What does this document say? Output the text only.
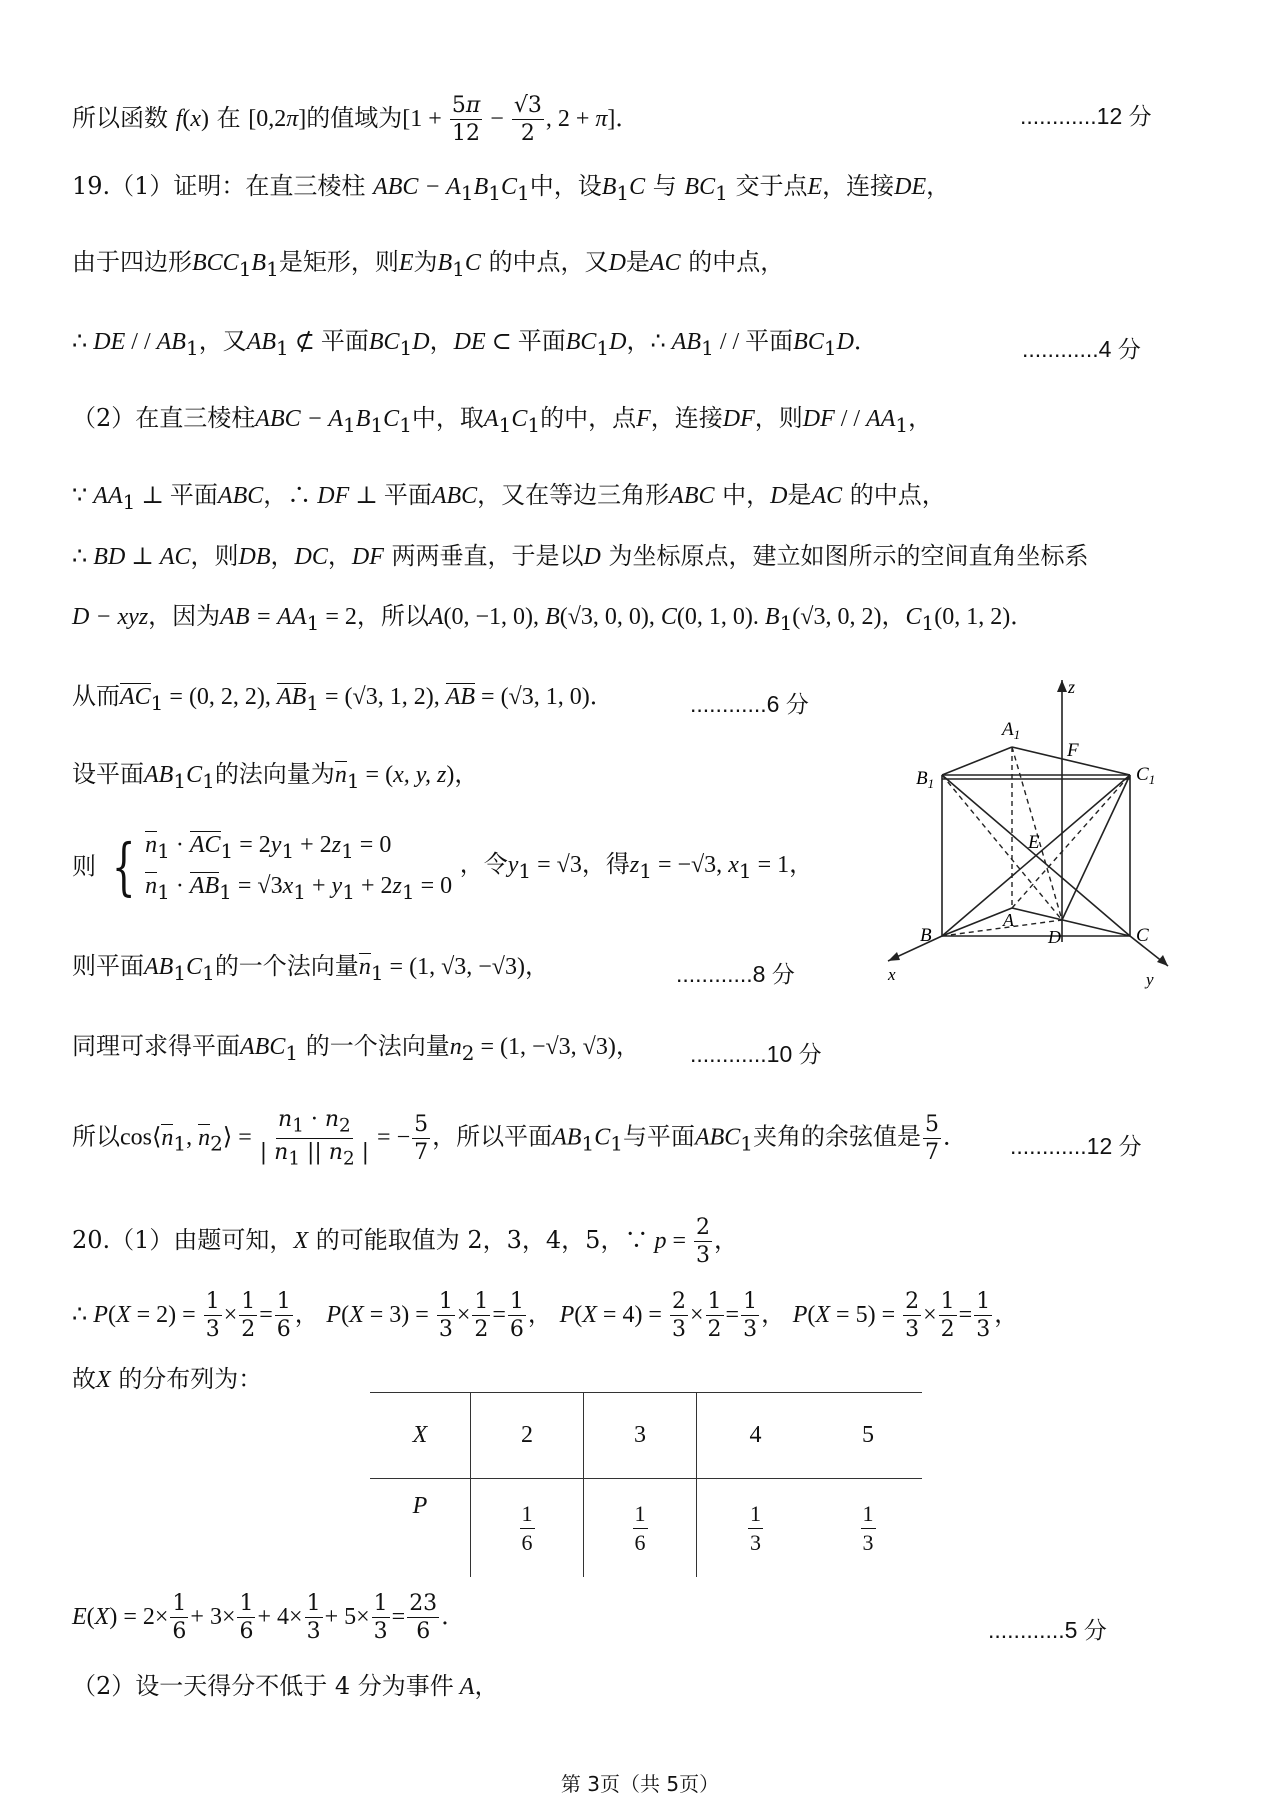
所以函数 f(x) 在 [0,2π]的值域为[$1 + \frac{5\pi}{12} - \frac{√3}{2}$ , 2 + π]．	............12 分
19.（1）证明：在直三棱柱 ABC − $A_1B_1C_1$中，设$B_1C$ 与 $BC_1$ 交于点E，连接DE，
由于四边形$BCC_1B_1$是矩形，则E为$B_1C$ 的中点，又D是AC 的中点，
∴ DE / / $AB_1$，又$AB_1$ ⊄ 平面$BC_1D$，DE ⊂ 平面$BC_1D$，∴ $AB_1$ / / 平面$BC_1D$．	............4 分
（2）在直三棱柱ABC − $A_1B_1C_1$中，取$A_1C_1$的中，点F，连接DF，则DF / / $AA_1$，
∵ $AA_1$ ⊥ 平面ABC，∴ DF ⊥ 平面ABC，又在等边三角形ABC 中，D是AC 的中点，
∴ BD ⊥ AC，则DB，DC，DF 两两垂直，于是以D 为坐标原点，建立如图所示的空间直角坐标系
D − xyz，因为AB = $AA_1 = 2$，所以A(0, −1, 0), B(√3, 0, 0), C(0, 1, 0). $B_1(√3$, 0, 2)，$C_1(0$, 1, 2)．
从而$AC_1 = (0$, 2, 2), $AB_1 = (√3$, 1, 2), AB = (√3, 1, 0)．	............6 分
设平面$AB_1C_1$的法向量为$n_1 = (x$, y, z)，
则 { $n_1 \cdot AC_1 = 2y_1 + 2z_1 = 0$
$n_1 \cdot AB_1 = √3x_1 + y_1 + 2z_1 = 0$
，令$y_1 = √3$，得$z_1 = -√3$, $x_1 = 1$，
则平面$AB_1C_1$的一个法向量$n_1 = (1$, √3, −√3)，	............8 分
同理可求得平面$ABC_1$ 的一个法向量$n_2 = (1$, −√3, √3)， ............10 分
所以$\cos⟨n_1$, $n_2⟩ = \frac{n_1 \cdot n_2}{| n_1 || n_2 |}$ = − $\frac{5}{7}$ ，所以平面$AB_1C_1$与平面$ABC_1$夹角的余弦值是 $\frac{5}{7}$ ． ............12 分
z
$A_1$
F
$B_1$	$C_1$
E
A
D
B	C
x	y
20.（1）由题可知，X 的可能取值为 2，3，4，5，∵ $p = \frac{2}{3}$ ，
∴ $P(X = 2) = \frac{1}{3} \times \frac{1}{2} = \frac{1}{6}$ ， $P(X = 3) = \frac{1}{3} \times \frac{1}{2} = \frac{1}{6}$ ， $P(X = 4) = \frac{2}{3} \times \frac{1}{2} = \frac{1}{3}$ ， $P(X = 5) = \frac{2}{3} \times \frac{1}{2} = \frac{1}{3}$ ，
故X 的分布列为：
X	2	3	4	5
P	$\frac{1}{6}$	$\frac{1}{6}$	$\frac{1}{3}$	$\frac{1}{3}$
$E(X) = 2\times \frac{1}{6} + 3\times \frac{1}{6} + 4\times \frac{1}{3} + 5\times \frac{1}{3} = \frac{23}{6}$ ．	............5 分
（2）设一天得分不低于 4 分为事件 A，
第 3页（共 5页）
